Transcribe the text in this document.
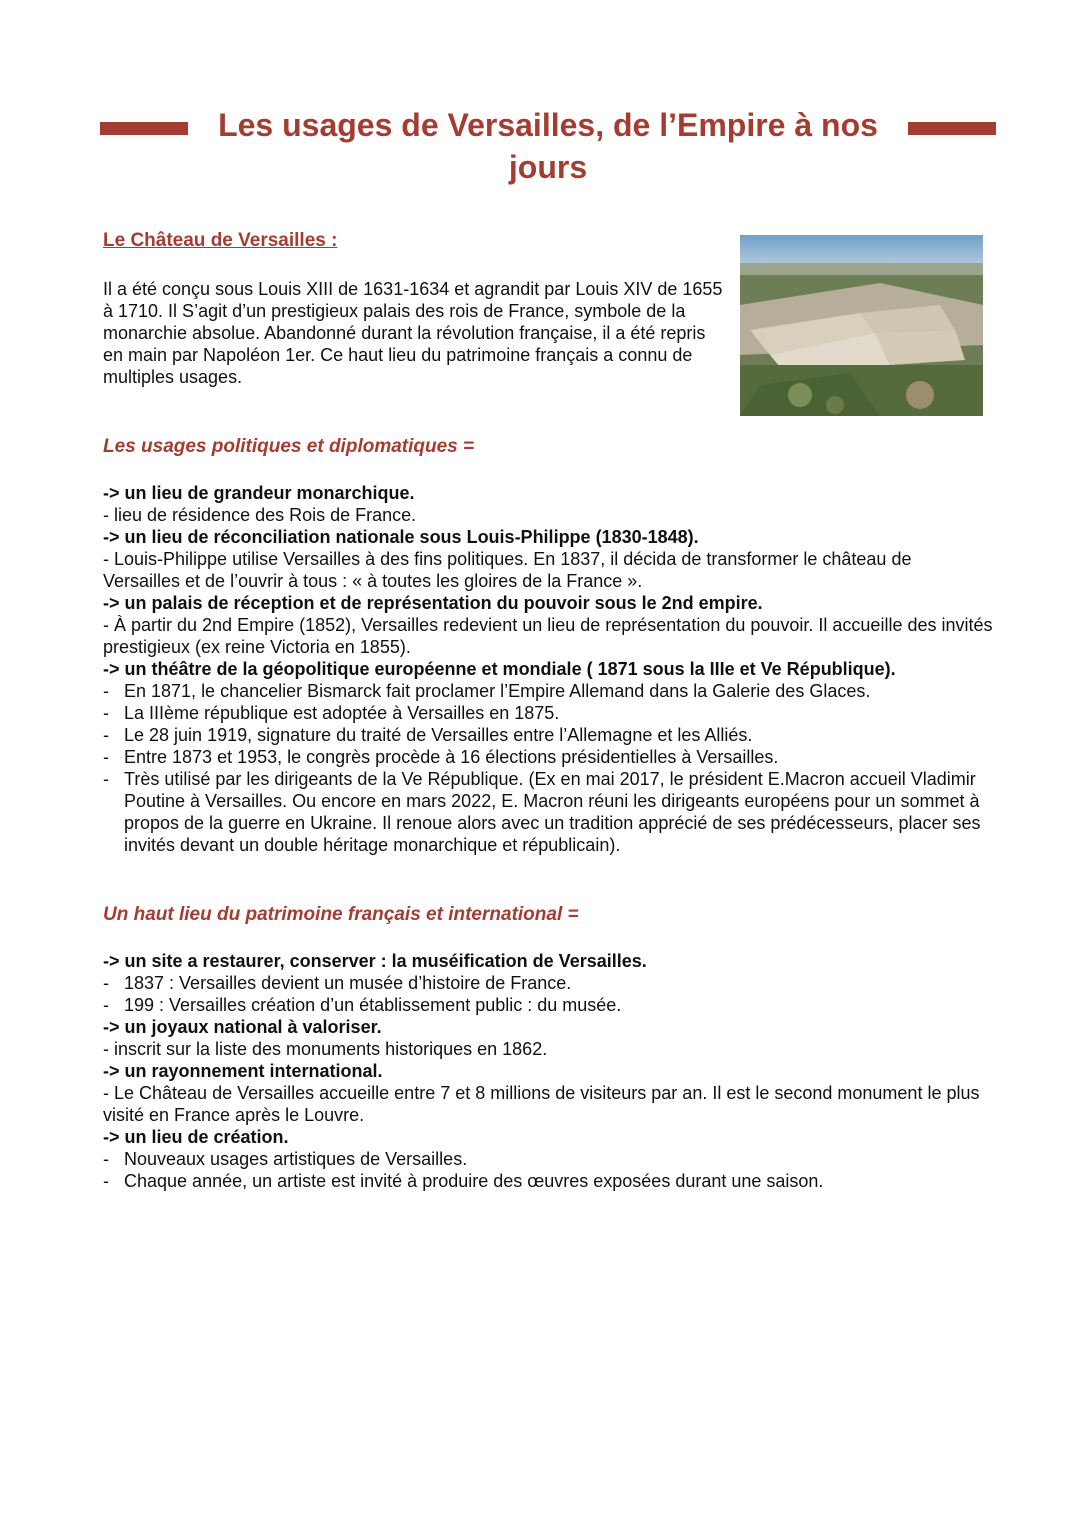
Les usages de Versailles, de l’Empire à nos jours
Le Château de Versailles :

Il a été conçu sous Louis XIII de 1631-1634 et agrandit par Louis XIV de 1655 à 1710. Il S’agit d’un prestigieux palais des rois de France, symbole de la monarchie absolue. Abandonné durant la révolution française, il a été repris en main par Napoléon 1er. Ce haut lieu du patrimoine français a connu de multiples usages.

Les usages politiques et diplomatiques =

-> un lieu de grandeur monarchique.

- lieu de résidence des Rois de France.

-> un lieu de réconciliation nationale sous Louis-Philippe (1830-1848).

- Louis-Philippe utilise Versailles à des fins politiques. En 1837, il décida de transformer le château de Versailles et de l’ouvrir à tous : « à toutes les gloires de la France ».

-> un palais de réception et de représentation du pouvoir sous le 2nd empire.

- À partir du 2nd Empire (1852), Versailles redevient un lieu de représentation du pouvoir. Il accueille des invités prestigieux (ex reine Victoria en 1855).

-> un théâtre de la géopolitique européenne et mondiale ( 1871 sous la IIIe et Ve République).

- En 1871, le chancelier Bismarck fait proclamer l’Empire Allemand dans la Galerie des Glaces.
- La IIIème république est adoptée à Versailles en 1875.
- Le 28 juin 1919, signature du traité de Versailles entre l’Allemagne et les Alliés.
- Entre 1873 et 1953, le congrès procède à 16 élections présidentielles à Versailles.
- Très utilisé par les dirigeants de la Ve République. (Ex en mai 2017, le président E.Macron accueil Vladimir Poutine à Versailles. Ou encore en mars 2022, E. Macron réuni les dirigeants européens pour un sommet à propos de la guerre en Ukraine. Il renoue alors avec un tradition apprécié de ses prédécesseurs, placer ses invités devant un double héritage monarchique et républicain).
Un haut lieu du patrimoine français et international =

-> un site a restaurer, conserver : la muséification de Versailles.

- 1837 : Versailles devient un musée d’histoire de France.
- 199 : Versailles création d’un établissement public : du musée.

-> un joyaux national à valoriser.

- inscrit sur la liste des monuments historiques en 1862.

-> un rayonnement international.

- Le Château de Versailles accueille entre 7 et 8 millions de visiteurs par an. Il est le second monument le plus visité en France après le Louvre.

-> un lieu de création.

- Nouveaux usages artistiques de Versailles.
- Chaque année, un artiste est invité à produire des œuvres exposées durant une saison.
